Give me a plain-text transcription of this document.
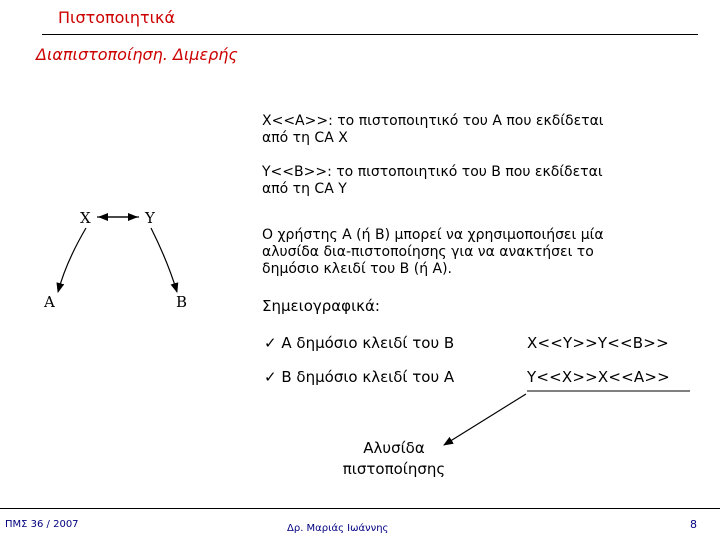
Πιστοποιητικά
Διαπιστοποίηση. Διμερής
X	Y
A	B
X<<A>>: το πιστοποιητικό του A που εκδίδεται
από τη CA X
Y<<B>>: το πιστοποιητικό του B που εκδίδεται
από τη CA Y
O χρήστης A (ή B) μπορεί να χρησιμοποιήσει μία
αλυσίδα δια-πιστοποίησης για να ανακτήσει το
δημόσιο κλειδί του B (ή A).
Σημειογραφικά:
✓ A δημόσιο κλειδί του B	X<<Y>>Y<<B>>
✓ B δημόσιο κλειδί του A	Y<<X>>X<<A>>
Αλυσίδα
πιστοποίησης
ΠΜΣ 36 / 2007	Δρ. Μαριάς Ιωάννης	8
